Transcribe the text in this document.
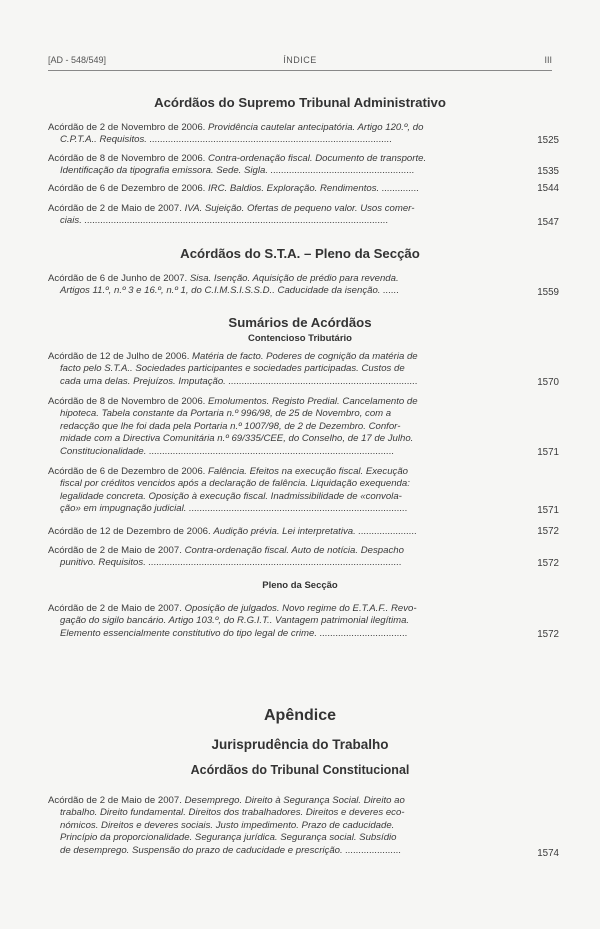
[AD - 548/549]	ÍNDICE	III
Acórdãos do Supremo Tribunal Administrativo
Acórdão de 2 de Novembro de 2006. Providência cautelar antecipatória. Artigo 120.º, do
C.P.T.A.. Requisitos. ...........................................................................................	1525
Acórdão de 8 de Novembro de 2006. Contra-ordenação fiscal. Documento de transporte.
Identificação da tipografia emissora. Sede. Sigla. ......................................................	1535
Acórdão de 6 de Dezembro de 2006. IRC. Baldios. Exploração. Rendimentos. ..............	1544
Acórdão de 2 de Maio de 2007. IVA. Sujeição. Ofertas de pequeno valor. Usos comer-
ciais. ..................................................................................................................	1547
Acórdãos do S.T.A. – Pleno da Secção
Acórdão de 6 de Junho de 2007. Sisa. Isenção. Aquisição de prédio para revenda.
Artigos 11.º, n.º 3 e 16.º, n.º 1, do C.I.M.S.I.S.S.D.. Caducidade da isenção. ......	1559
Sumários de Acórdãos
Contencioso Tributário
Acórdão de 12 de Julho de 2006. Matéria de facto. Poderes de cognição da matéria de
facto pelo S.T.A.. Sociedades participantes e sociedades participadas. Custos de
cada uma delas. Prejuízos. Imputação. .......................................................................	1570
Acórdão de 8 de Novembro de 2006. Emolumentos. Registo Predial. Cancelamento de
hipoteca. Tabela constante da Portaria n.º 996/98, de 25 de Novembro, com a
redacção que lhe foi dada pela Portaria n.º 1007/98, de 2 de Dezembro. Confor-
midade com a Directiva Comunitária n.º 69/335/CEE, do Conselho, de 17 de Julho.
Constitucionalidade. ............................................................................................	1571
Acórdão de 6 de Dezembro de 2006. Falência. Efeitos na execução fiscal. Execução
fiscal por créditos vencidos após a declaração de falência. Liquidação exequenda:
legalidade concreta. Oposição à execução fiscal. Inadmissibilidade de «convola-
ção» em impugnação judicial. ..................................................................................	1571
Acórdão de 12 de Dezembro de 2006. Audição prévia. Lei interpretativa. ......................	1572
Acórdão de 2 de Maio de 2007. Contra-ordenação fiscal. Auto de notícia. Despacho
punitivo. Requisitos. ...............................................................................................	1572
Pleno da Secção
Acórdão de 2 de Maio de 2007. Oposição de julgados. Novo regime do E.T.A.F.. Revo-
gação do sigilo bancário. Artigo 103.º, do R.G.I.T.. Vantagem patrimonial ilegítima.
Elemento essencialmente constitutivo do tipo legal de crime. .................................	1572
Apêndice
Jurisprudência do Trabalho
Acórdãos do Tribunal Constitucional
Acórdão de 2 de Maio de 2007. Desemprego. Direito à Segurança Social. Direito ao
trabalho. Direito fundamental. Direitos dos trabalhadores. Direitos e deveres eco-
nómicos. Direitos e deveres sociais. Justo impedimento. Prazo de caducidade.
Princípio da proporcionalidade. Segurança jurídica. Segurança social. Subsídio
de desemprego. Suspensão do prazo de caducidade e prescrição. .....................	1574
